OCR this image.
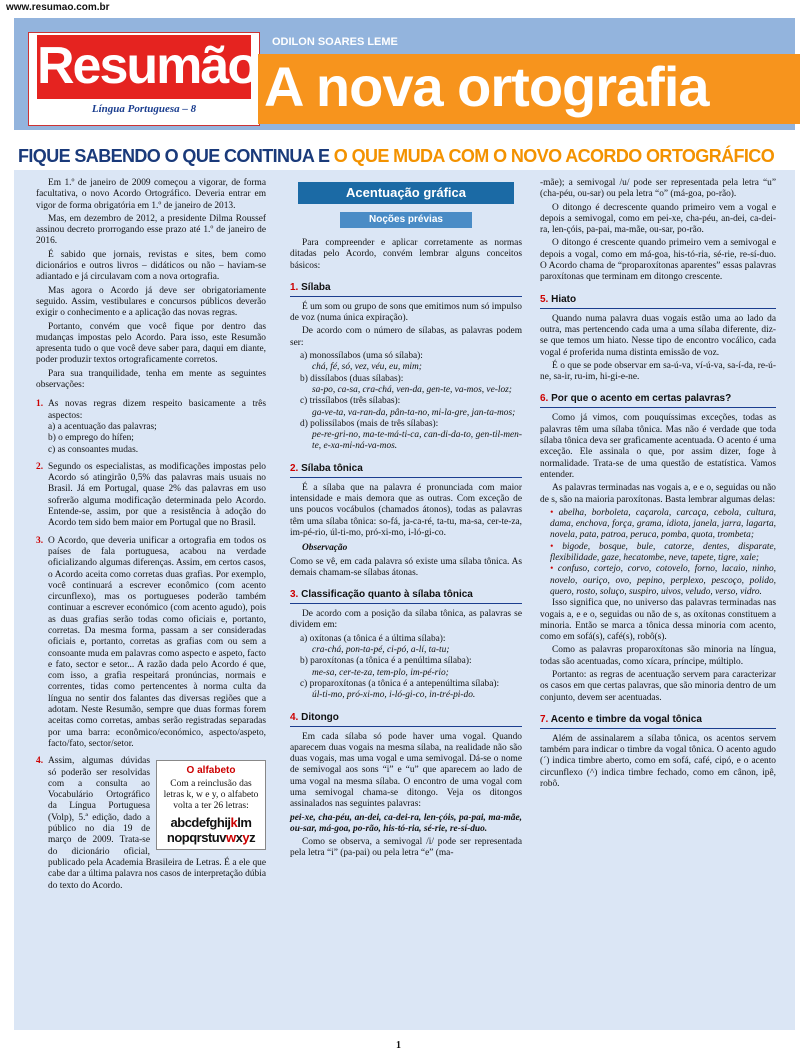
www.resumao.com.br
Resumão
Língua Portuguesa – 8
ODILON SOARES LEME
A nova ortografia
FIQUE SABENDO O QUE CONTINUA E O QUE MUDA COM O NOVO ACORDO ORTOGRÁFICO

Em 1.º de janeiro de 2009 começou a vigorar, de forma facultativa, o novo Acordo Ortográfico. Deveria entrar em vigor de forma obrigatória em 1.º de janeiro de 2013.

Mas, em dezembro de 2012, a presidente Dilma Roussef assinou decreto prorrogando esse prazo até 1.º de janeiro de 2016.

É sabido que jornais, revistas e sites, bem como dicionários e outros livros – didáticos ou não – haviam-se adiantado e já circulavam com a nova ortografia.

Mas agora o Acordo já deve ser obrigatoriamente seguido. Assim, vestibulares e concursos públicos deverão exigir o conhecimento e a aplicação das novas regras.

Portanto, convém que você fique por dentro das mudanças impostas pelo Acordo. Para isso, este Resumão apresenta tudo o que você deve saber para, daqui em diante, poder produzir textos ortograficamente corretos.

Para sua tranquilidade, tenha em mente as seguintes observações:

1. As novas regras dizem respeito basicamente a três aspectos:
a) a acentuação das palavras;
b) o emprego do hífen;
c) as consoantes mudas.
2. Segundo os especialistas, as modificações impostas pelo Acordo só atingirão 0,5% das palavras mais usuais no Brasil. Já em Portugal, quase 2% das palavras em uso sofrerão alguma modificação determinada pelo Acordo. Entende-se, assim, por que a resistência à adoção do Acordo tem sido bem maior em Portugal que no Brasil.
3. O Acordo, que deveria unificar a ortografia em todos os países de fala portuguesa, acabou na verdade oficializando algumas diferenças. Assim, em certos casos, o Acordo aceita como corretas duas grafias. Por exemplo, você continuará a escrever econômico (com acento circunflexo), mas os portugueses poderão também continuar a escrever económico (com acento agudo), pois as duas grafias serão todas como oficiais e, portanto, corretas. Da mesma forma, passam a ser consideradas oficiais e, portanto, corretas as grafias com ou sem a consoante muda em palavras como aspecto e aspeto, facto e fato, sector e setor... A razão dada pelo Acordo é que, com isso, a grafia respeitará pronúncias, normais e correntes, tidas como pertencentes à norma culta da língua no sentir dos falantes das diversas regiões que a adotam. Neste Resumão, sempre que duas formas forem aceitas como corretas, ambas serão registradas separadas por uma barra: econômico/económico, aspecto/aspeto, facto/fato, sector/setor.
4.
O alfabeto
Com a reinclusão das letras k, w e y, o alfabeto volta a ter 26 letras:
abcdefghijklm
nopqrstuvwxyz
Assim, algumas dúvidas só poderão ser resolvidas com a consulta ao Vocabulário Ortográfico da Língua Portuguesa (Volp), 5.ª edição, dado a público no dia 19 de março de 2009. Trata-se do dicionário oficial, publicado pela Academia Brasileira de Letras. É a ele que cabe dar a última palavra nos casos de interpretação dúbia do texto do Acordo.
Acentuação gráfica
Noções prévias

Para compreender e aplicar corretamente as normas ditadas pelo Acordo, convém lembrar alguns conceitos básicos:

1. Sílaba

É um som ou grupo de sons que emitimos num só impulso de voz (numa única expiração).

De acordo com o número de sílabas, as palavras podem ser:

a) monossílabos (uma só sílaba):
chá, fé, só, vez, véu, eu, mim;
b) dissílabos (duas sílabas):
sa-po, ca-sa, cra-chá, ven-da, gen-te, va-mos, ve-loz;
c) trissílabos (três sílabas):
ga-ve-ta, va-ran-da, pân-ta-no, mi-la-gre, jan-ta-mos;
d) polissílabos (mais de três sílabas):
pe-re-gri-no, ma-te-má-ti-ca, can-di-da-to, gen-til-men-te, e-xa-mi-ná-va-mos.
2. Sílaba tônica

É a sílaba que na palavra é pronunciada com maior intensidade e mais demora que as outras. Com exceção de uns poucos vocábulos (chamados átonos), todas as palavras têm uma sílaba tônica: so-fá, ja-ca-ré, ta-tu, ma-sa, cer-te-za, im-pé-rio, úl-ti-mo, pró-xi-mo, i-ló-gi-co.

Observação

Como se vê, em cada palavra só existe uma sílaba tônica. As demais chamam-se sílabas átonas.

3. Classificação quanto à sílaba tônica

De acordo com a posição da sílaba tônica, as palavras se dividem em:

a) oxítonas (a tônica é a última sílaba):
cra-chá, pon-ta-pé, ci-pó, a-lí, ta-tu;
b) paroxítonas (a tônica é a penúltima sílaba):
me-sa, cer-te-za, tem-plo, im-pé-rio;
c) proparoxítonas (a tônica é a antepenúltima sílaba):
úl-ti-mo, pró-xi-mo, i-ló-gi-co, in-tré-pi-do.
4. Ditongo

Em cada sílaba só pode haver uma vogal. Quando aparecem duas vogais na mesma sílaba, na realidade não são duas vogais, mas uma vogal e uma semivogal. Dá-se o nome de semivogal aos sons “i” e “u” que aparecem ao lado de uma vogal na mesma sílaba. O encontro de uma vogal com uma semivogal chama-se ditongo. Veja os ditongos assinalados nas seguintes palavras:

pei-xe, cha-péu, an-dei, ca-dei-ra, len-çóis, pa-pai, ma-mãe, ou-sar, má-goa, po-rão, his-tó-ria, sé-rie, re-sí-duo.

Como se observa, a semivogal /i/ pode ser representada pela letra “i” (pa-pai) ou pela letra “e” (ma-

-mãe); a semivogal /u/ pode ser representada pela letra “u” (cha-péu, ou-sar) ou pela letra “o” (má-goa, po-rão).

O ditongo é decrescente quando primeiro vem a vogal e depois a semivogal, como em pei-xe, cha-péu, an-dei, ca-dei-ra, len-çóis, pa-pai, ma-mãe, ou-sar, po-rão.

O ditongo é crescente quando primeiro vem a semivogal e depois a vogal, como em má-goa, his-tó-ria, sé-rie, re-sí-duo. O Acordo chama de “proparoxítonas aparentes” essas palavras paroxítonas que terminam em ditongo crescente.

5. Hiato

Quando numa palavra duas vogais estão uma ao lado da outra, mas pertencendo cada uma a uma sílaba diferente, diz-se que temos um hiato. Nesse tipo de encontro vocálico, cada vogal é proferida numa distinta emissão de voz.

É o que se pode observar em sa-ú-va, ví-ú-va, sa-í-da, re-ú-ne, sa-ir, ru-im, hi-gi-e-ne.

6. Por que o acento em certas palavras?

Como já vimos, com pouquíssimas exceções, todas as palavras têm uma sílaba tônica. Mas não é verdade que toda sílaba tônica deva ser graficamente acentuada. O acento é uma exceção. Ele assinala o que, por assim dizer, foge à normalidade. Trata-se de uma questão de estatística. Vamos entender.

As palavras terminadas nas vogais a, e e o, seguidas ou não de s, são na maioria paroxítonas. Basta lembrar algumas delas:

• abelha, borboleta, caçarola, carcaça, cebola, cultura, dama, enchova, força, grama, idiota, janela, jarra, lagarta, novela, pata, patroa, peruca, pomba, quota, trombeta;
• bigode, bosque, bule, catorze, dentes, disparate, flexibilidade, gaze, hecatombe, neve, tapete, tigre, xale;
• confuso, cortejo, corvo, cotovelo, forno, lacaio, ninho, novelo, ouriço, ovo, pepino, perplexo, pescoço, polido, quero, rosto, soluço, suspiro, uivos, veludo, verso, vidro.

Isso significa que, no universo das palavras terminadas nas vogais a, e e o, seguidas ou não de s, as oxítonas constituem a minoria. Então se marca a tônica dessa minoria com acento, como em sofá(s), café(s), robô(s).

Como as palavras proparoxítonas são minoria na língua, todas são acentuadas, como xícara, príncipe, múltiplo.

Portanto: as regras de acentuação servem para caracterizar os casos em que certas palavras, que são minoria dentro de um conjunto, devem ser acentuadas.

7. Acento e timbre da vogal tônica

Além de assinalarem a sílaba tônica, os acentos servem também para indicar o timbre da vogal tônica. O acento agudo (´) indica timbre aberto, como em sofá, café, cipó, e o acento circunflexo (^) indica timbre fechado, como em cânon, ipê, robô.

1
